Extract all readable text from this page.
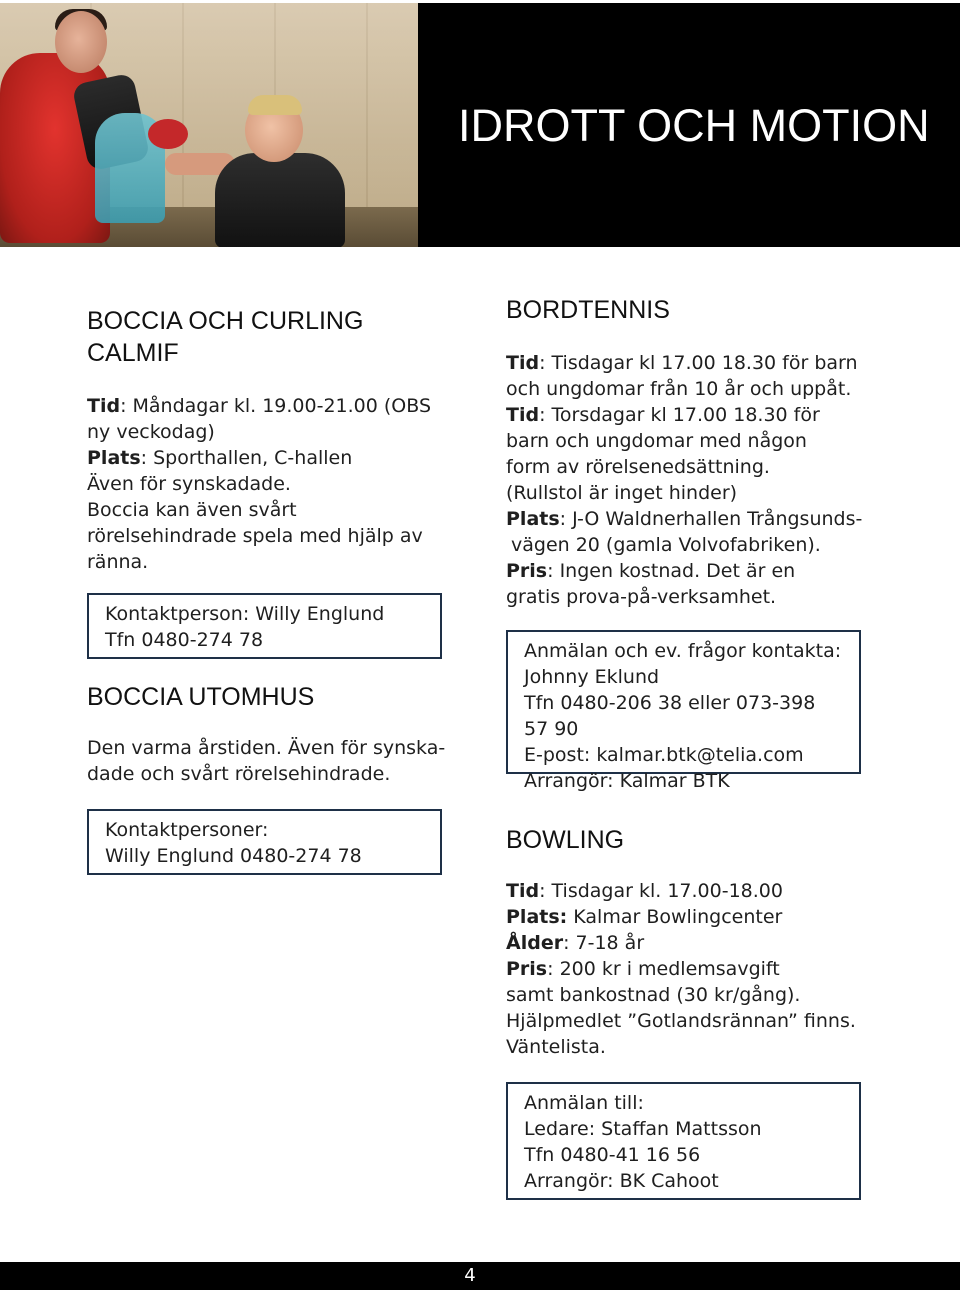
IDROTT OCH MOTION
BOCCIA OCH CURLING CALMIF

Tid: Måndagar kl. 19.00-21.00 (OBS ny veckodag)

Plats: Sporthallen, C-hallen

Även för synskadade.

Boccia kan även svårt rörelsehindrade spela med hjälp av ränna.

Kontaktperson: Willy Englund

Tfn 0480-274 78

BOCCIA UTOMHUS

Den varma årstiden. Även för synska-

dade och svårt rörelsehindrade.

Kontaktpersoner:

Willy Englund 0480-274 78

BORDTENNIS

Tid: Tisdagar kl 17.00 18.30 för barn och ungdomar från 10 år och uppåt.

Tid: Torsdagar kl 17.00 18.30 för barn och ungdomar med någon form av rörelsenedsättning. (Rullstol är inget hinder)

Plats: J-O Waldnerhallen Trångsunds-

vägen 20 (gamla Volvofabriken).

Pris: Ingen kostnad. Det är en gratis prova-på-verksamhet.

Anmälan och ev. frågor kontakta:

Johnny Eklund

Tfn 0480-206 38 eller 073-398 57 90

E-post: kalmar.btk@telia.com

Arrangör: Kalmar BTK

BOWLING

Tid: Tisdagar kl. 17.00-18.00

Plats: Kalmar Bowlingcenter

Ålder: 7-18 år

Pris: 200 kr i medlemsavgift samt bankostnad (30 kr/gång).

Hjälpmedlet ”Gotlandsrännan” finns.

Väntelista.

Anmälan till:

Ledare: Staffan Mattsson

Tfn 0480-41 16 56

Arrangör: BK Cahoot

4
